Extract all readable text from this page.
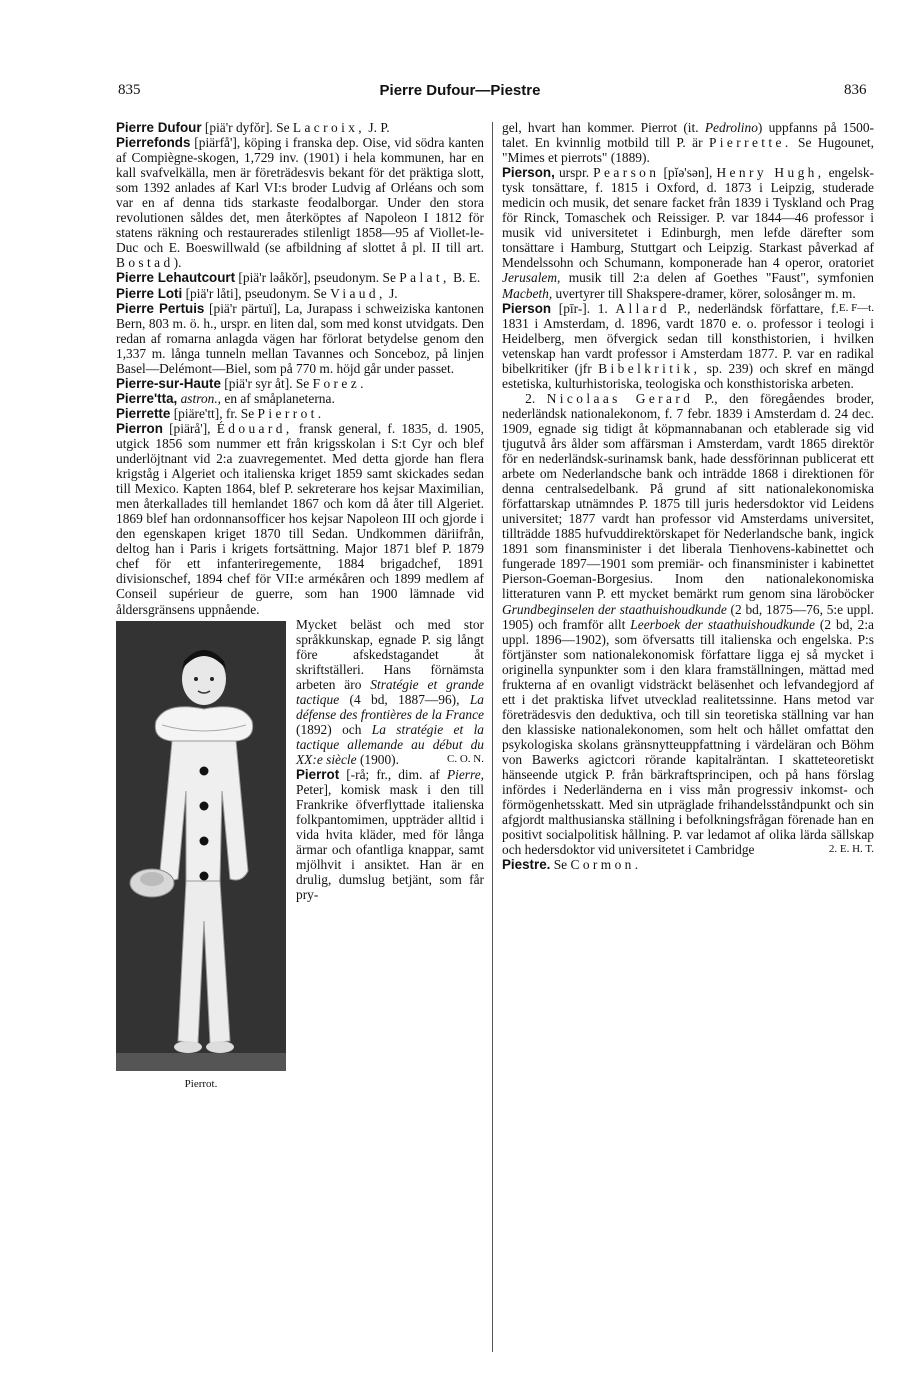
835	Pierre Dufour—Piestre	836

Pierre Dufour [piä'r dyfŏr]. Se Lacroix, J. P.

Pierrefonds [piärfå'], köping i franska dep. Oise, vid södra kanten af Compiègne-skogen, 1,729 inv. (1901) i hela kommunen, har en kall svafvelkälla, men är företrädesvis bekant för det präktiga slott, som 1392 anlades af Karl VI:s broder Ludvig af Orléans och som var en af denna tids starkaste feodalborgar. Under den stora revolutionen såldes det, men återköptes af Napoleon I 1812 för statens räkning och restaurerades stilenligt 1858—95 af Viollet-le-Duc och E. Boeswillwald (se afbildning af slottet å pl. II till art. Bostad).

Pierre Lehautcourt [piä'r ləåkŏr], pseudonym. Se Palat, B. E.

Pierre Loti [piä'r låti], pseudonym. Se Viaud, J.

Pierre Pertuis [piä'r pärtuï], La, Jurapass i schweiziska kantonen Bern, 803 m. ö. h., urspr. en liten dal, som med konst utvidgats. Den redan af romarna anlagda vägen har förlorat betydelse genom den 1,337 m. långa tunneln mellan Tavannes och Sonceboz, på linjen Basel—Delémont—Biel, som på 770 m. höjd går under passet.

Pierre-sur-Haute [piä'r syr åt]. Se Forez.

Pierre'tta, astron., en af småplaneterna.

Pierrette [piäre'tt], fr. Se Pierrot.

Pierron [piärå'], Édouard, fransk general, f. 1835, d. 1905, utgick 1856 som nummer ett från krigsskolan i S:t Cyr och blef underlöjtnant vid 2:a zuavregementet. Med detta gjorde han flera krigståg i Algeriet och italienska kriget 1859 samt skickades sedan till Mexico. Kapten 1864, blef P. sekreterare hos kejsar Maximilian, men återkallades till hemlandet 1867 och kom då åter till Algeriet. 1869 blef han ordonnansofficer hos kejsar Napoleon III och gjorde i den egenskapen kriget 1870 till Sedan. Undkommen däriifrån, deltog han i Paris i krigets fortsättning. Major 1871 blef P. 1879 chef för ett infanteriregemente, 1884 brigadchef, 1891 divisionschef, 1894 chef för VII:e arméкåren och 1899 medlem af Conseil supérieur de guerre, som han 1900 lämnade vid åldersgränsens uppnående.

Pierrot.

Mycket beläst och med stor språkkunskap, egnade P. sig långt före afskedstagandet åt skriftställeri. Hans förnämsta arbeten äro Stratégie et grande tactique (4 bd, 1887—96), La défense des frontières de la France (1892) och La stratégie et la tactique allemande au début du XX:e siècle (1900).	C. O. N.

Pierrot [-rå; fr., dim. af Pierre, Peter], komisk mask i den till Frankrike öfverflyttade italienska folkpantomimen, uppträder alltid i vida hvita kläder, med för långa ärmar och ofantliga knappar, samt mjölhvit i ansiktet. Han är en drulig, dumslug betjänt, som får pry-

gel, hvart han kommer. Pierrot (it. Pedrolino) uppfanns på 1500-talet. En kvinnlig motbild till P. är Pierrette. Se Hugounet, "Mimes et pierrots" (1889).

Pierson, urspr. Pearson [pĭə'sən], Henry Hugh, engelsk-tysk tonsättare, f. 1815 i Oxford, d. 1873 i Leipzig, studerade medicin och musik, det senare facket från 1839 i Tyskland och Prag för Rinck, Tomaschek och Reissiger. P. var 1844—46 professor i musik vid universitetet i Edinburgh, men lefde därefter som tonsättare i Hamburg, Stuttgart och Leipzig. Starkast påverkad af Mendelssohn och Schumann, komponerade han 4 operor, oratoriet Jerusalem, musik till 2:a delen af Goethes "Faust", symfonien Macbeth, uvertyrer till Shakspere-dramer, körer, solosånger m. m.
E. F—t.

Pierson [pīr-]. 1. Allard P., nederländsk författare, f. 1831 i Amsterdam, d. 1896, vardt 1870 e. o. professor i teologi i Heidelberg, men öfvergick sedan till konsthistorien, i hvilken vetenskap han vardt professor i Amsterdam 1877. P. var en radikal bibelkritiker (jfr Bibelkritik, sp. 239) och skref en mängd estetiska, kulturhistoriska, teologiska och konsthistoriska arbeten.

2. Nicolaas Gerard P., den föregåendes broder, nederländsk nationalekonom, f. 7 febr. 1839 i Amsterdam d. 24 dec. 1909, egnade sig tidigt åt köpmannabanan och etablerade sig vid tjugutvå års ålder som affärsman i Amsterdam, vardt 1865 direktör för en nederländsk-surinamsk bank, hade dessförinnan publicerat ett arbete om Nederlandsche bank och inträdde 1868 i direktionen för denna centralsedelbank. På grund af sitt nationalekonomiska författarskap utnämndes P. 1875 till juris hedersdoktor vid Leidens universitet; 1877 vardt han professor vid Amsterdams universitet, tillträdde 1885 hufvuddirektörskapet för Nederlandsche bank, ingick 1891 som finansminister i det liberala Tienhovens-kabinettet och fungerade 1897—1901 som premiär- och finansminister i kabinettet Pierson-Goeman-Borgesius. Inom den nationalekonomiska litteraturen vann P. ett mycket bemärkt rum genom sina läroböcker Grundbeginselen der staathuishoudkunde (2 bd, 1875—76, 5:e uppl. 1905) och framför allt Leerboek der staathuishoudkunde (2 bd, 2:a uppl. 1896—1902), som öfversatts till italienska och engelska. P:s förtjänster som nationalekonomisk författare ligga ej så mycket i originella synpunkter som i den klara framställningen, mättad med frukterna af en ovanligt vidsträckt beläsenhet och lefvandegjord af ett i det praktiska lifvet utvecklad realitetssinne. Hans metod var företrädesvis den deduktiva, och till sin teoretiska ställning var han den klassiske nationalekonomen, som helt och hållet omfattat den psykologiska skolans gränsnytteuppfattning i värdeläran och Böhm von Bawerks agictcori rörande kapitalräntan. I skatteteoretiskt hänseende utgick P. från bärkraftsprincipen, och på hans förslag infördes i Nederländerna en i viss mån progressiv inkomst- och förmögenhetsskatt. Med sin utpräglade frihandelsståndpunkt och sin afgjordt malthusianska ställning i befolkningsfrågan förenade han en positivt socialpolitisk hållning. P. var ledamot af olika lärda sällskap och hedersdoktor vid universitetet i Cambridge	2. E. H. T.

Piestre. Se Cormon.
